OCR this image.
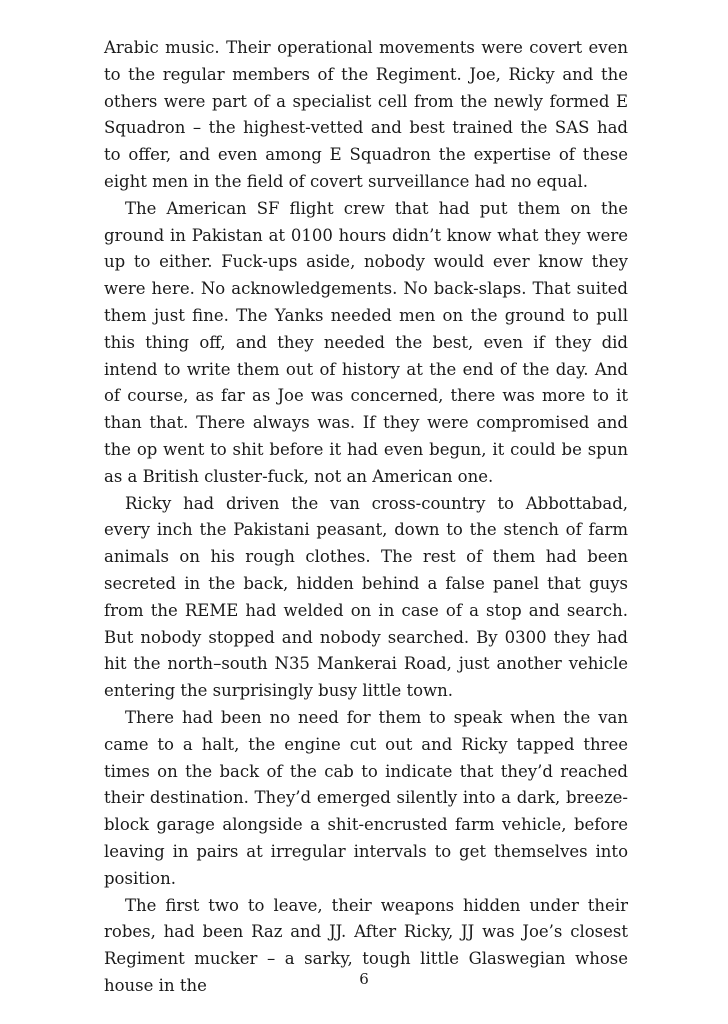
Arabic music. Their operational movements were covert even to the regular members of the Regiment. Joe, Ricky and the others were part of a specialist cell from the newly formed E Squadron – the highest-vetted and best trained the SAS had to offer, and even among E Squadron the expertise of these eight men in the field of covert surveillance had no equal.

The American SF flight crew that had put them on the ground in Pakistan at 0100 hours didn’t know what they were up to either. Fuck-ups aside, nobody would ever know they were here. No acknowledgements. No back-slaps. That suited them just fine. The Yanks needed men on the ground to pull this thing off, and they needed the best, even if they did intend to write them out of history at the end of the day. And of course, as far as Joe was concerned, there was more to it than that. There always was. If they were compromised and the op went to shit before it had even begun, it could be spun as a British cluster-fuck, not an American one.

Ricky had driven the van cross-country to Abbottabad, every inch the Pakistani peasant, down to the stench of farm animals on his rough clothes. The rest of them had been secreted in the back, hidden behind a false panel that guys from the REME had welded on in case of a stop and search. But nobody stopped and nobody searched. By 0300 they had hit the north–south N35 Mankerai Road, just another vehicle entering the surprisingly busy little town.

There had been no need for them to speak when the van came to a halt, the engine cut out and Ricky tapped three times on the back of the cab to indicate that they’d reached their destination. They’d emerged silently into a dark, breeze-block garage alongside a shit-encrusted farm vehicle, before leaving in pairs at irregular intervals to get themselves into position.

The first two to leave, their weapons hidden under their robes, had been Raz and JJ. After Ricky, JJ was Joe’s closest Regiment mucker – a sarky, tough little Glaswegian whose house in the	6
